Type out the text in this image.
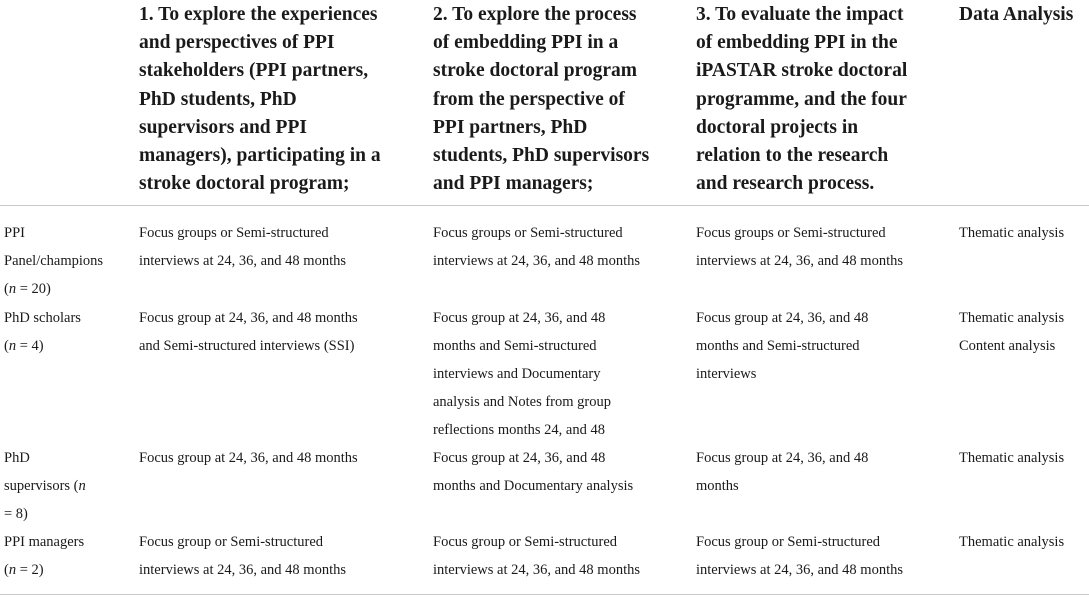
1. To explore the experiences
and perspectives of PPI
stakeholders (PPI partners,
PhD students, PhD
supervisors and PPI
managers), participating in a
stroke doctoral program;
2. To explore the process
of embedding PPI in a
stroke doctoral program
from the perspective of
PPI partners, PhD
students, PhD supervisors
and PPI managers;
3. To evaluate the impact
of embedding PPI in the
iPASTAR stroke doctoral
programme, and the four
doctoral projects in
relation to the research
and research process.
Data Analysis
PPI
Panel/champions
(n = 20)
Focus groups or Semi-structured
interviews at 24, 36, and 48 months
Focus groups or Semi-structured
interviews at 24, 36, and 48 months
Focus groups or Semi-structured
interviews at 24, 36, and 48 months
Thematic analysis
PhD scholars
(n = 4)
Focus group at 24, 36, and 48 months
and Semi-structured interviews (SSI)
Focus group at 24, 36, and 48
months and Semi-structured
interviews and Documentary
analysis and Notes from group
reflections months 24, and 48
Focus group at 24, 36, and 48
months and Semi-structured
interviews
Thematic analysis
Content analysis
PhD
supervisors (n
= 8)
Focus group at 24, 36, and 48 months	Focus group at 24, 36, and 48
months and Documentary analysis
Focus group at 24, 36, and 48
months
Thematic analysis
PPI managers
(n = 2)
Focus group or Semi-structured
interviews at 24, 36, and 48 months
Focus group or Semi-structured
interviews at 24, 36, and 48 months
Focus group or Semi-structured
interviews at 24, 36, and 48 months
Thematic analysis
